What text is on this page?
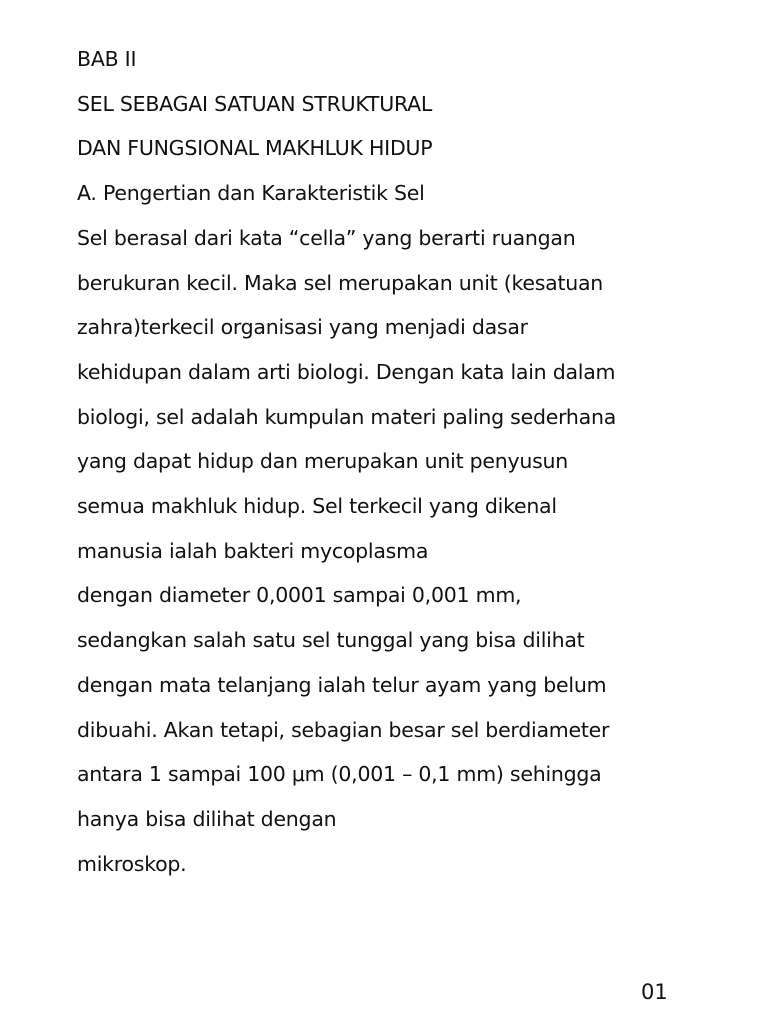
BAB II
SEL SEBAGAI SATUAN STRUKTURAL
DAN FUNGSIONAL MAKHLUK HIDUP
A. Pengertian dan Karakteristik Sel
Sel berasal dari kata “cella” yang berarti ruangan
berukuran kecil. Maka sel merupakan unit (kesatuan
zahra)terkecil organisasi yang menjadi dasar
kehidupan dalam arti biologi. Dengan kata lain dalam
biologi, sel adalah kumpulan materi paling sederhana
yang dapat hidup dan merupakan unit penyusun
semua makhluk hidup. Sel terkecil yang dikenal
manusia ialah bakteri mycoplasma
dengan diameter 0,0001 sampai 0,001 mm,
sedangkan salah satu sel tunggal yang bisa dilihat
dengan mata telanjang ialah telur ayam yang belum
dibuahi. Akan tetapi, sebagian besar sel berdiameter
antara 1 sampai 100 μm (0,001 – 0,1 mm) sehingga
hanya bisa dilihat dengan
mikroskop.
01
